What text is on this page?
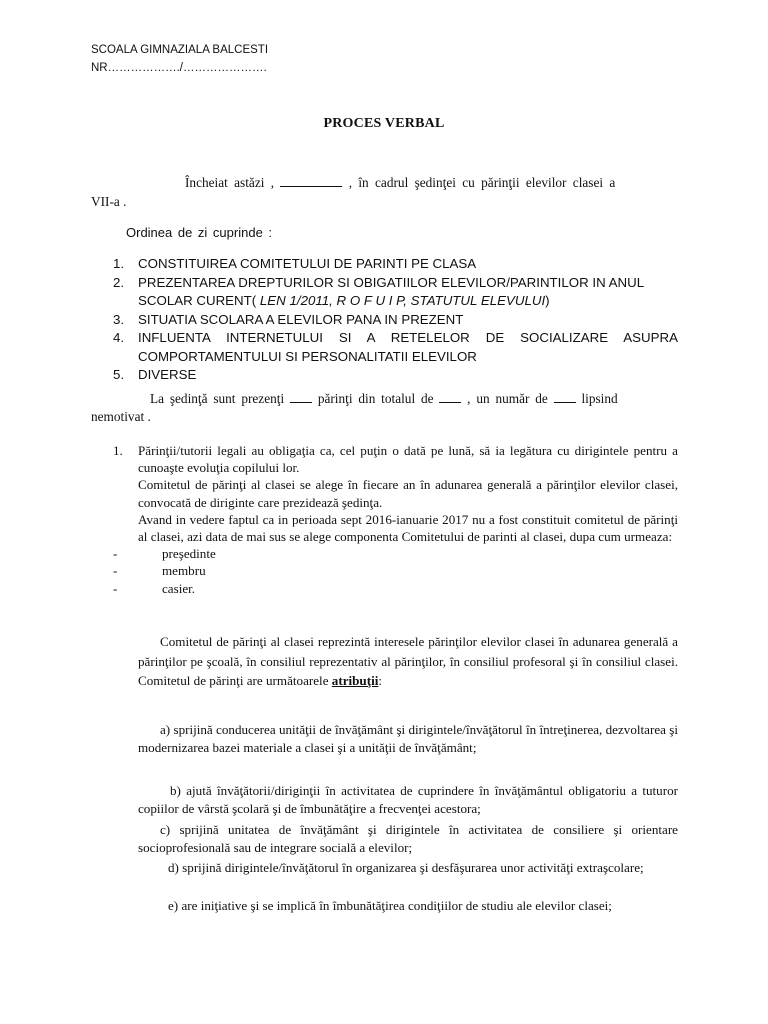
SCOALA GIMNAZIALA BALCESTI
NR………………./………………….
PROCES VERBAL
Încheiat astăzi ,	, în cadrul şedinţei cu părinţii elevilor clasei a
VII-a .
Ordinea de zi cuprinde :
1. CONSTITUIREA COMITETULUI DE PARINTI PE CLASA
2. PREZENTAREA DREPTURILOR SI OBIGATIILOR ELEVILOR/PARINTILOR IN ANUL SCOLAR CURENT( LEN 1/2011, R O F U I P, STATUTUL ELEVULUI)
3. SITUATIA SCOLARA A ELEVILOR PANA IN PREZENT
4. INFLUENTA INTERNETULUI SI A RETELELOR DE SOCIALIZARE ASUPRA COMPORTAMENTULUI SI PERSONALITATII ELEVILOR
5. DIVERSE
La şedinţă sunt prezenţi	părinţi din totalul de	, un număr de	lipsind
nemotivat .
1. Părinţii/tutorii legali au obligaţia ca, cel puţin o dată pe lună, să ia legătura cu dirigintele pentru a cunoaşte evoluţia copilului lor.
Comitetul de părinţi al clasei se alege în fiecare an în adunarea generală a părinţilor elevilor clasei, convocată de diriginte care prezidează şedinţa.
Avand in vedere faptul ca in perioada sept 2016-ianuarie 2017 nu a fost constituit comitetul de părinţi al clasei, azi data de mai sus se alege componenta Comitetului de parinti al clasei, dupa cum urmeaza:
-	preşedinte
-	membru
-	casier.
Comitetul de părinţi al clasei reprezintă interesele părinţilor elevilor clasei în adunarea generală a părinţilor pe şcoală, în consiliul reprezentativ al părinţilor, în consiliul profesoral şi în consiliul clasei. Comitetul de părinţi are următoarele atribuţii:
a) sprijină conducerea unităţii de învăţământ şi dirigintele/învăţătorul în întreţinerea, dezvoltarea şi modernizarea bazei materiale a clasei şi a unităţii de învăţământ;
b) ajută învăţătorii/diriginţii în activitatea de cuprindere în învăţământul obligatoriu a tuturor copiilor de vârstă şcolară şi de îmbunătăţire a frecvenţei acestora;
c) sprijină unitatea de învăţământ şi dirigintele în activitatea de consiliere şi orientare socioprofesională sau de integrare socială a elevilor;
d) sprijină dirigintele/învăţătorul în organizarea şi desfăşurarea unor activităţi extraşcolare;
e) are iniţiative şi se implică în îmbunătăţirea condiţiilor de studiu ale elevilor clasei;
